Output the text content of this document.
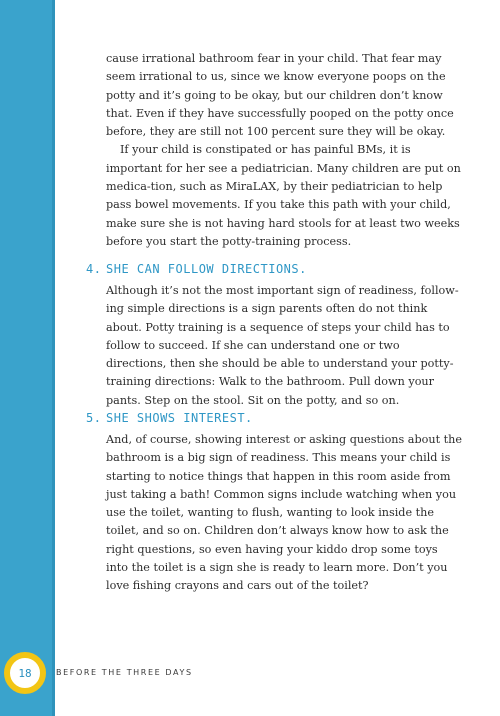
cause irrational bathroom fear in your child. That fear may seem irrational to us, since we know everyone poops on the potty and it’s going to be okay, but our children don’t know that. Even if they have successfully pooped on the potty once before, they are still not 100 percent sure they will be okay.

If your child is constipated or has painful BMs, it is important for her see a pediatrician. Many children are put on medica-tion, such as MiraLAX, by their pediatrician to help pass bowel movements. If you take this path with your child, make sure she is not having hard stools for at least two weeks before you start the potty-training process.

4. SHE CAN FOLLOW DIRECTIONS.

Although it’s not the most important sign of readiness, follow-ing simple directions is a sign parents often do not think about. Potty training is a sequence of steps your child has to follow to succeed. If she can understand one or two directions, then she should be able to understand your potty-training directions: Walk to the bathroom. Pull down your pants. Step on the stool. Sit on the potty, and so on.

5. SHE SHOWS INTEREST.

And, of course, showing interest or asking questions about the bathroom is a big sign of readiness. This means your child is starting to notice things that happen in this room aside from just taking a bath! Common signs include watching when you use the toilet, wanting to flush, wanting to look inside the toilet, and so on. Children don’t always know how to ask the right questions, so even having your kiddo drop some toys into the toilet is a sign she is ready to learn more. Don’t you love fishing crayons and cars out of the toilet?

18	BEFORE THE THREE DAYS
